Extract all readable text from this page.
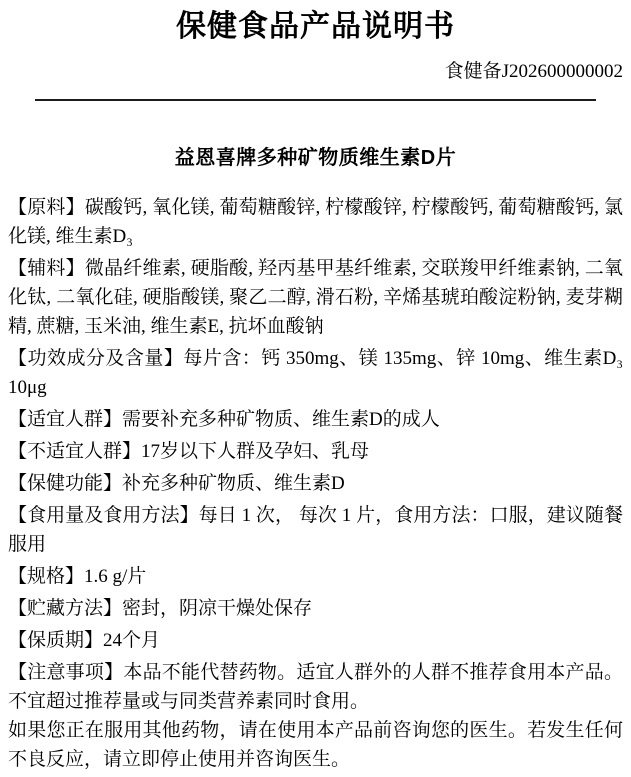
保健食品产品说明书
食健备J202600000002
益恩喜牌多种矿物质维生素D片

【原料】碳酸钙, 氧化镁, 葡萄糖酸锌, 柠檬酸锌, 柠檬酸钙, 葡萄糖酸钙, 氯化镁, 维生素D₃

【辅料】微晶纤维素, 硬脂酸, 羟丙基甲基纤维素, 交联羧甲纤维素钠, 二氧化钛, 二氧化硅, 硬脂酸镁, 聚乙二醇, 滑石粉, 辛烯基琥珀酸淀粉钠, 麦芽糊精, 蔗糖, 玉米油, 维生素E, 抗坏血酸钠

【功效成分及含量】每片含：钙 350mg、镁 135mg、锌 10mg、维生素D₃ 10μg

【适宜人群】需要补充多种矿物质、维生素D的成人

【不适宜人群】17岁以下人群及孕妇、乳母

【保健功能】补充多种矿物质、维生素D

【食用量及食用方法】每日 1 次， 每次 1 片，食用方法：口服，建议随餐服用

【规格】1.6 g/片

【贮藏方法】密封，阴凉干燥处保存

【保质期】24个月

【注意事项】本品不能代替药物。适宜人群外的人群不推荐食用本产品。不宜超过推荐量或与同类营养素同时食用。
如果您正在服用其他药物，请在使用本产品前咨询您的医生。若发生任何不良反应，请立即停止使用并咨询医生。
